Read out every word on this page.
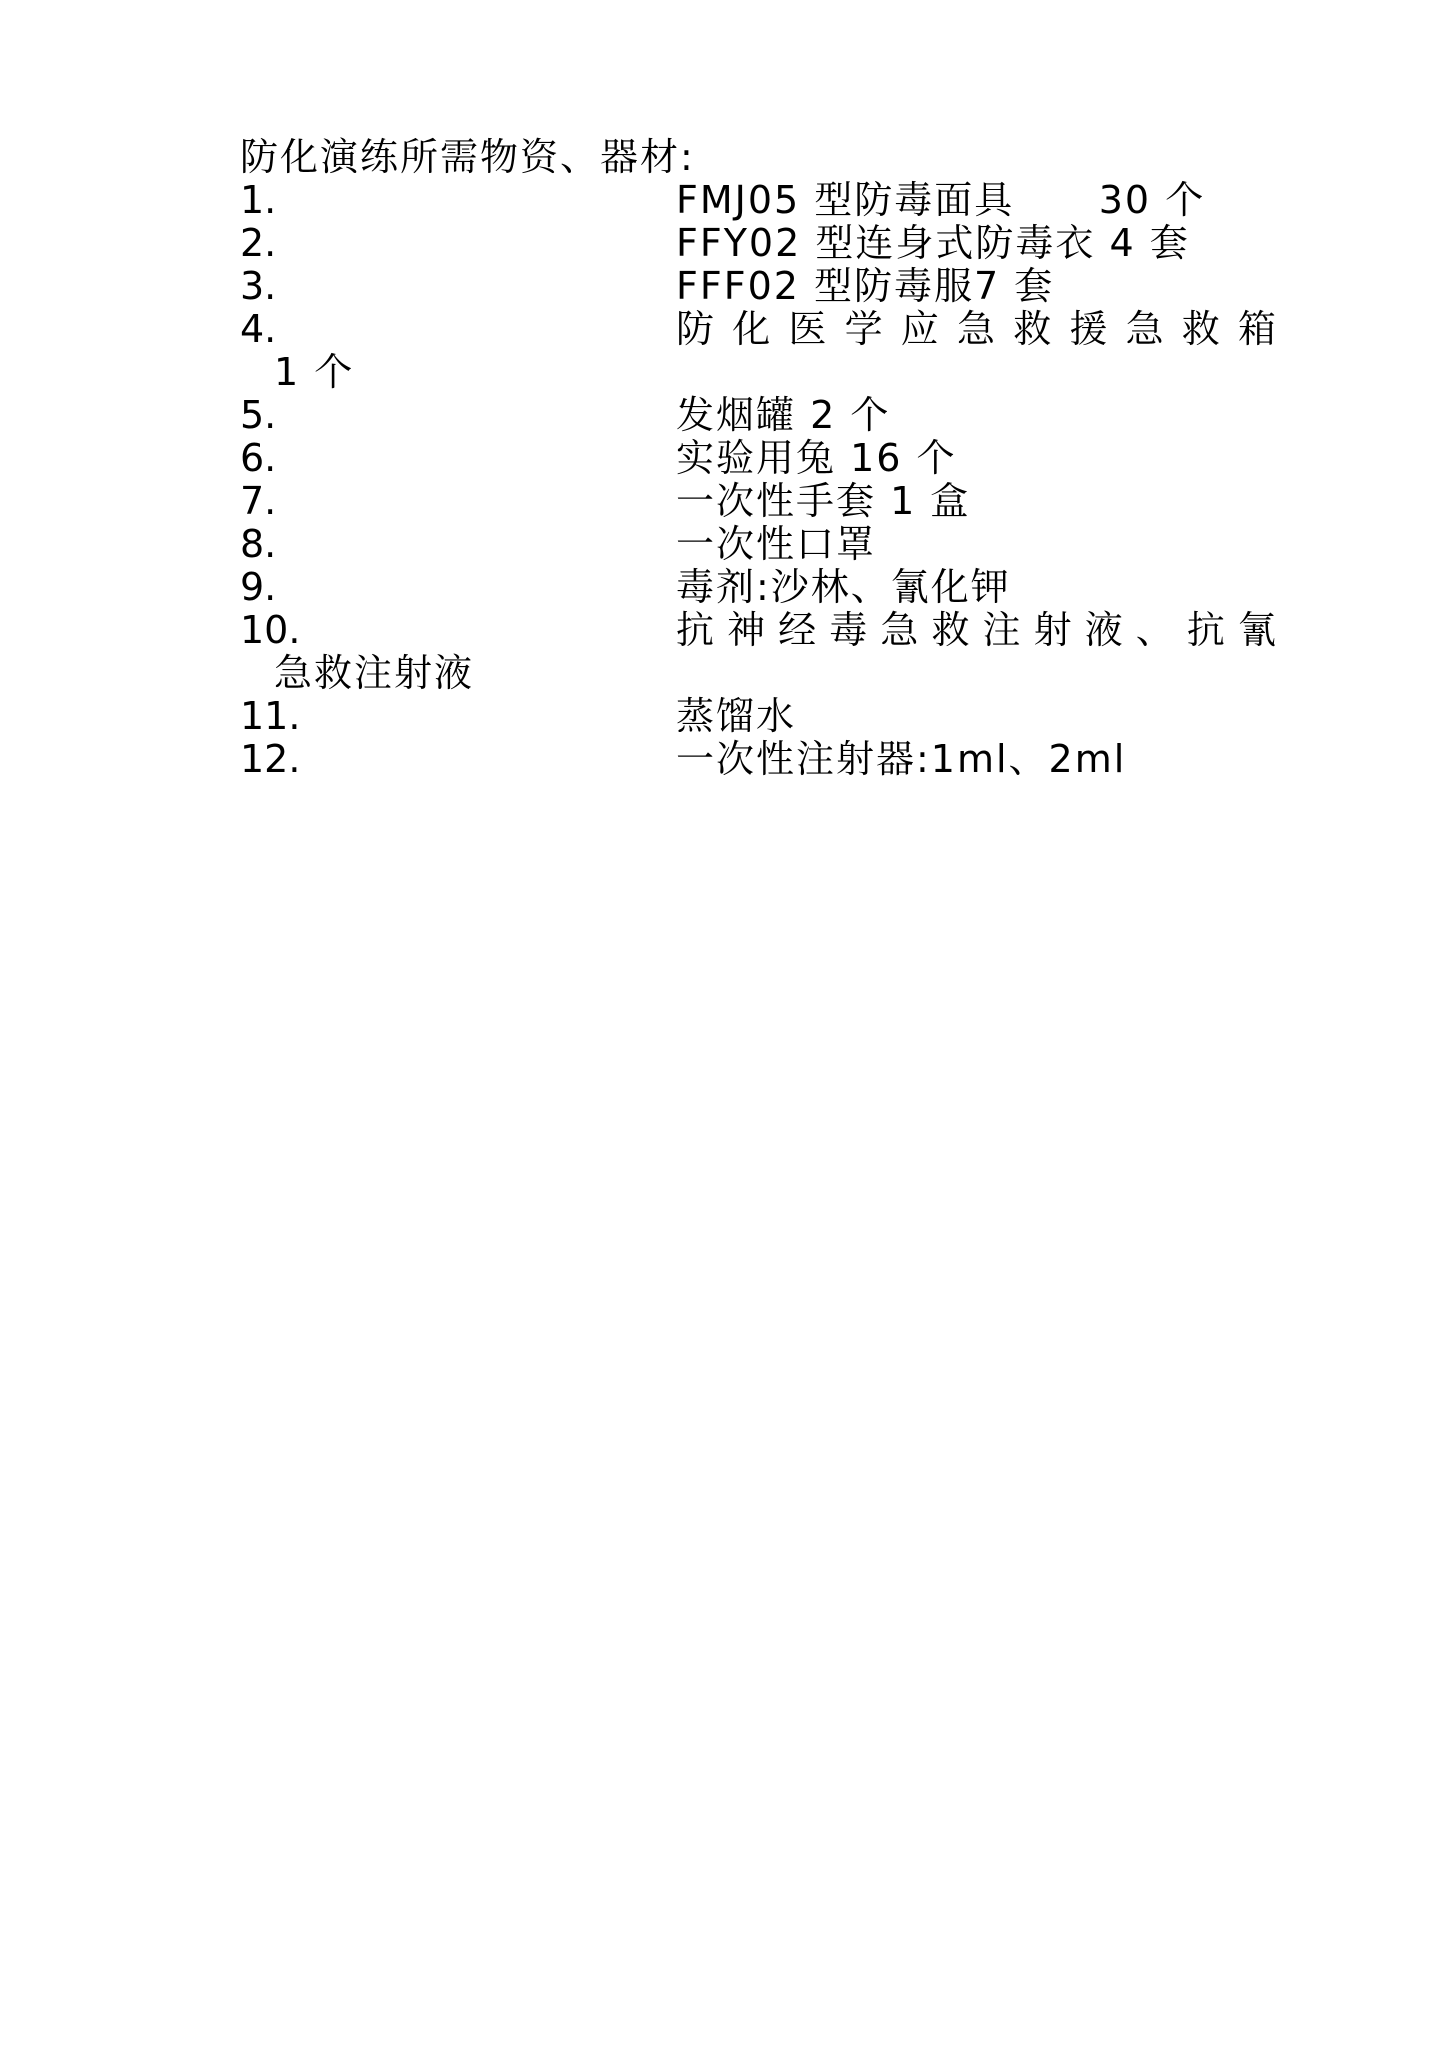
防化演练所需物资、器材:
1.	FMJ05 型防毒面具      30 个
2.	FFY02 型连身式防毒衣 4 套
3.	FFF02 型防毒服7 套
4.	防化医学应急救援急救箱
1 个
5.	发烟罐 2 个
6.	实验用兔 16 个
7.	一次性手套 1 盒
8.	一次性口罩
9.	毒剂:沙林、氰化钾
10.	抗神经毒急救注射液、抗氰
急救注射液
11.	蒸馏水
12.	一次性注射器:1ml、2ml
